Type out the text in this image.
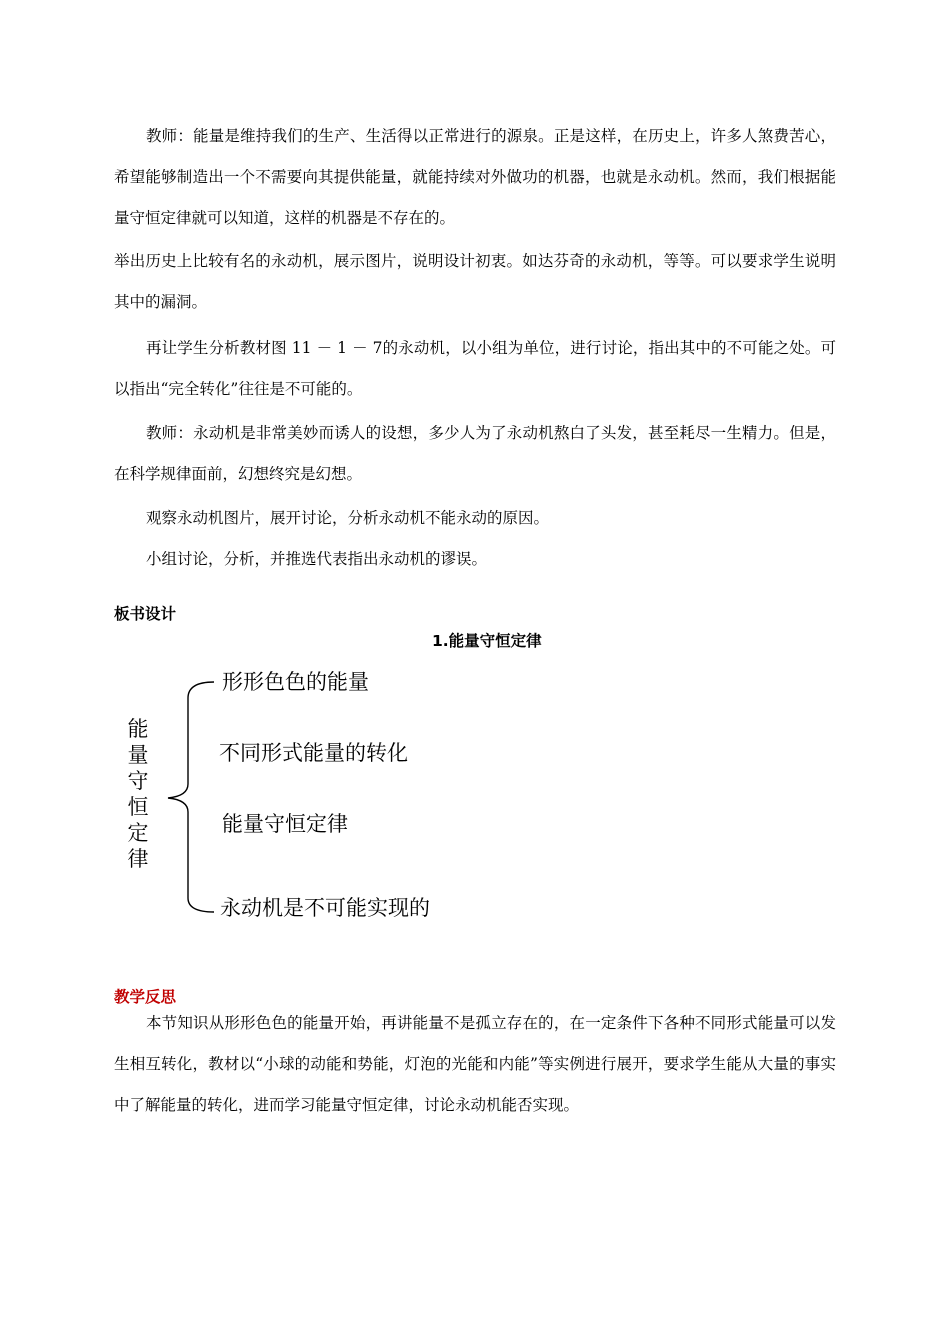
教师：能量是维持我们的生产、生活得以正常进行的源泉。正是这样，在历史上，许多人煞费苦心，希望能够制造出一个不需要向其提供能量，就能持续对外做功的机器，也就是永动机。然而，我们根据能量守恒定律就可以知道，这样的机器是不存在的。
举出历史上比较有名的永动机，展示图片，说明设计初衷。如达芬奇的永动机，等等。可以要求学生说明其中的漏洞。
再让学生分析教材图 11 － 1 － 7的永动机，以小组为单位，进行讨论，指出其中的不可能之处。可以指出“完全转化”往往是不可能的。
教师：永动机是非常美妙而诱人的设想，多少人为了永动机熬白了头发，甚至耗尽一生精力。但是，在科学规律面前，幻想终究是幻想。
观察永动机图片，展开讨论，分析永动机不能永动的原因。
小组讨论，分析，并推选代表指出永动机的谬误。
板书设计
1.能量守恒定律
能
量
守
恒
定
律
形形色色的能量
不同形式能量的转化
能量守恒定律
永动机是不可能实现的
教学反思
本节知识从形形色色的能量开始，再讲能量不是孤立存在的，在一定条件下各种不同形式能量可以发生相互转化，教材以“小球的动能和势能，灯泡的光能和内能”等实例进行展开，要求学生能从大量的事实中了解能量的转化，进而学习能量守恒定律，讨论永动机能否实现。
